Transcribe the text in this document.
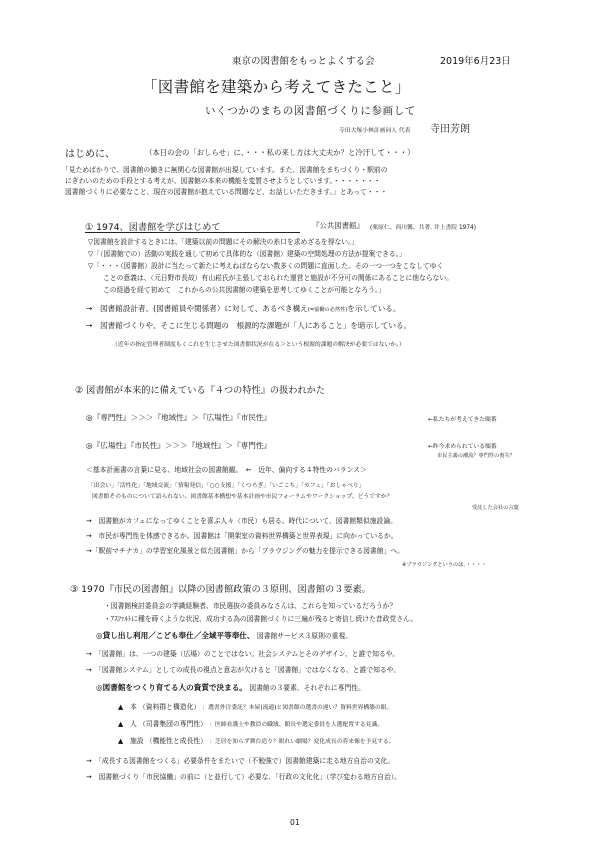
東京の図書館をもっとよくする会	2019年6月23日
「図書館を建築から考えてきたこと」
いくつかのまちの図書館づくりに参画して
寺田大塚小林計画同人 代表 寺田芳朗
はじめに、	（本日の会の「おしらせ」に、・・・私の来し方は大丈夫か？と冷汗して・・・）
「見ためばかりで、図書館の働きに無関心な図書館が出現しています。また、図書館をまちづくり・駅前の
にぎわいのための手段とする考えが、図書館の本来の機能を変質させようとしています。・・・・・・・
図書館づくりに必要なこと、現在の図書館が抱えている問題など、お話しいただきます。」とあって・・・
① 1974、図書館を学びはじめて	『公共図書館』 (栗原仁、西川馨、共著. 井上書院 1974)
▽図書館を設計するときには、「建築以前の問題にその解決の糸口を求めざるを得ない。」
▽「（図書館での）活動の実践を通して初めて具体的な（図書館）建築の空間処理の方法が提案できる。」
▽「・・・（図書館）設計に当たって新たに考えねばならない数多くの問題に直面した。その一つ一つをこなしてゆく
ことの意義は、（元日野市長故）有山崧氏が主張しておられた運営と施設が不分可の関係にあることに他ならない。
この経過を経て初めて　これからの公共図書館の建築を思考してゆくことが可能となろう。」
→　図書館設計者、(図書館員や関係者）に対して、あるべき構え(=協働の必然性)を示している。
→　図書館づくりや、そこに生じる問題の　根源的な課題が「人にあること」を暗示している。
（近年の指定管理者制度もくこれを生じさせた図書館状況が在る＞という根源的課題の解決が必要ではないか。）
② 図書館が本来的に備えている『４つの特性』の扱われかた
◎『専門性』＞＞＞『地域性』＞『広場性』『市民性』	←私たちが考えてきた順番
◎『広場性』『市民性』＞＞＞『地域性』＞『専門性』	←昨今求められている順番
市民主義の潮流？専門性の喪失？
＜基本計画書の言葉に見る、地域社会の図書館観。　←　近年、偏向する４特性のバランス＞
「出会い」「活性化」「地域交流」「情報発信」「○○支援」「くつろぎ」「いごこち」「カフェ」「おしゃべり」
図書館そのものについて語られない。図書館基本構想や基本計画や市民フォーラムやワークショップ、どうですか？
受託した会社の言葉
→　図書館がカフェになってゆくことを喜ぶ人々（市民）も居る。時代について、図書館類似施設論。
→　市民が専門性を体感できるか。図書館は「開架室の資料世界構築と世界表現」に向かっているか。
→「駅前マチナカ」の学習室化風景と似た図書館」から「ブラウジングの魅力を提示できる図書館」へ。
※ブラウジングというのは、・・・・
③ 1970『市民の図書館』以降の図書館政策の３原則、図書館の３要素。
・図書館検討委員会の学識経験者、市民選抜の委員みなさんは、これらを知っているだろうか？
・ｱｽﾌｧﾙﾄに種を蒔くような状況、成功する為の図書館づくりに三遍が残ると寄信し続けた昔政党さん。
◎貸し出し利用／こども奉仕／全域平等奉仕、 図書館サービス３原則の重視。
→　「図書館」は、一つの建築（広場）のことではない。社会システムとそのデザイン、と誰で知るや。
→　「図書館システム」としての成長の視点と意志が欠けると「図書館」ではなくなる、と誰で知るや。
◎図書館をつくり育てる人の資質で決まる。 図書館の３要素、それぞれに専門性。
▲　本 （資料群と構造化） ：選書外注委託？本屋(流通)と図書館の選書の違い？資料世界構築の眼。
▲　人 （司書集団の専門性） ：医師看護士や教員の職域、館長や選定委員を人選配置する見識。
▲　施設 （機能性と成長性） ：芝居を知らず舞台造り？眼れい劇場？変化成長の将来像を予見する。
→　「成長する図書館をつくる」必要条件をまたいで（不勉強で）図書館建築に走る地方自治の文化。
→　図書館づくり「市民協働」の前に（と並行して）必要な、「行政の文化化」（学び変わる地方自治）。
01
